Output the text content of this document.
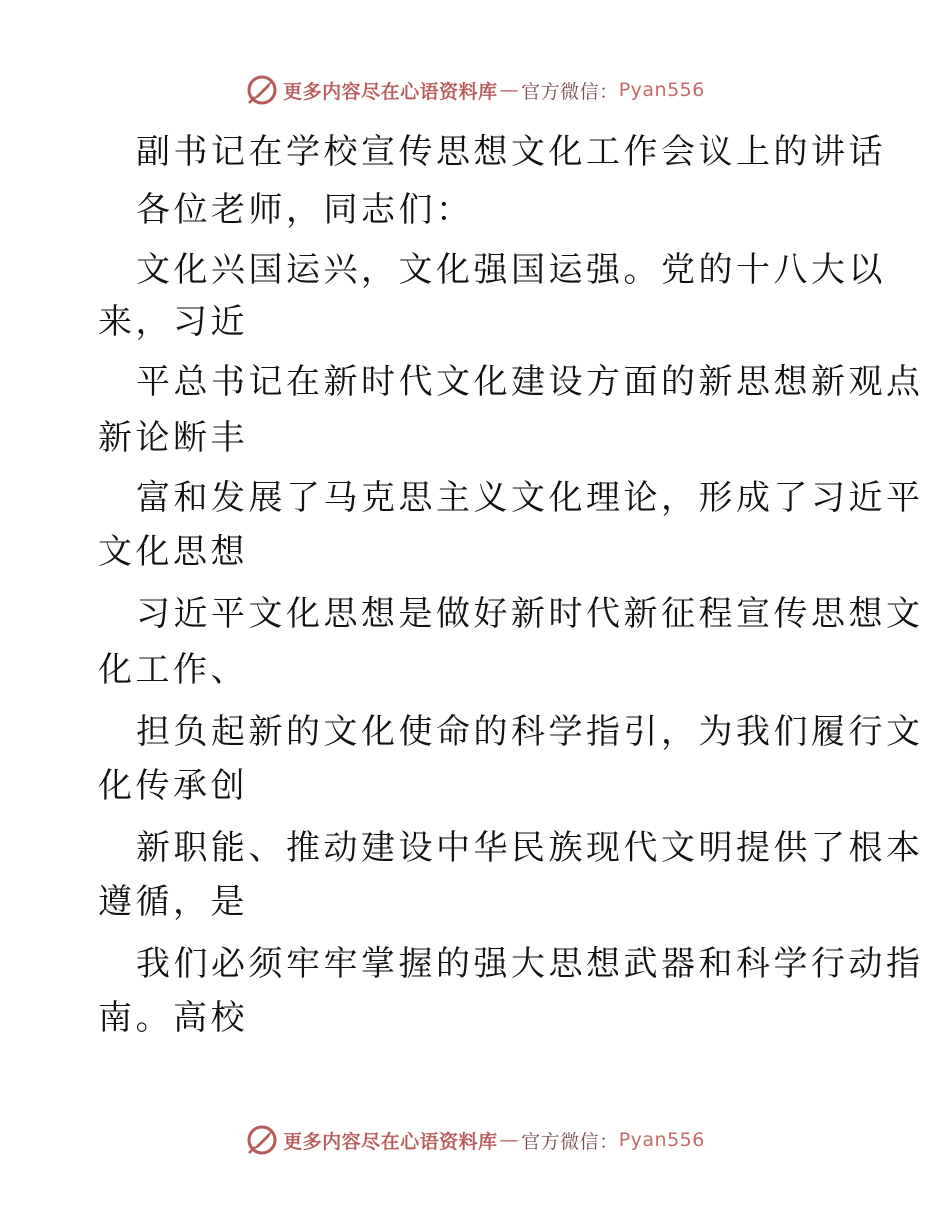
更多内容尽在心语资料库 — 官方微信： Pyan556
副书记在学校宣传思想文化工作会议上的讲话
各位老师，同志们：
文化兴国运兴，文化强国运强。党的十八大以
来，习近
平总书记在新时代文化建设方面的新思想新观点
新论断丰
富和发展了马克思主义文化理论，形成了习近平
文化思想
习近平文化思想是做好新时代新征程宣传思想文
化工作、
担负起新的文化使命的科学指引，为我们履行文
化传承创
新职能、推动建设中华民族现代文明提供了根本
遵循，是
我们必须牢牢掌握的强大思想武器和科学行动指
南。高校
更多内容尽在心语资料库 — 官方微信： Pyan556
